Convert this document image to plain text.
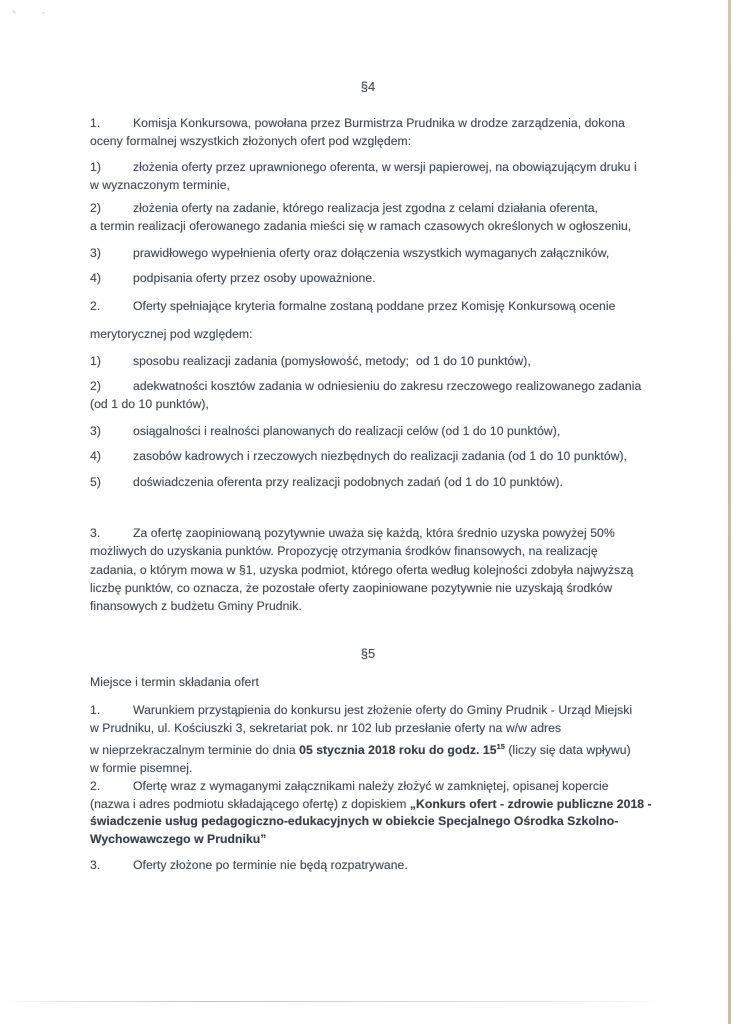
§4
1.	Komisja Konkursowa, powołana przez Burmistrza Prudnika w drodze zarządzenia, dokona
oceny formalnej wszystkich złożonych ofert pod względem:
1)	złożenia oferty przez uprawnionego oferenta, w wersji papierowej, na obowiązującym druku i
w wyznaczonym terminie,
2)	złożenia oferty na zadanie, którego realizacja jest zgodna z celami działania oferenta,
a termin realizacji oferowanego zadania mieści się w ramach czasowych określonych w ogłoszeniu,
3)	prawidłowego wypełnienia oferty oraz dołączenia wszystkich wymaganych załączników,
4)	podpisania oferty przez osoby upoważnione.
2.	Oferty spełniające kryteria formalne zostaną poddane przez Komisję Konkursową ocenie
merytorycznej pod względem:
1)	sposobu realizacji zadania (pomysłowość, metody;  od 1 do 10 punktów),
2)	adekwatności kosztów zadania w odniesieniu do zakresu rzeczowego realizowanego zadania
(od 1 do 10 punktów),
3)	osiągalności i realności planowanych do realizacji celów (od 1 do 10 punktów),
4)	zasobów kadrowych i rzeczowych niezbędnych do realizacji zadania (od 1 do 10 punktów),
5)	doświadczenia oferenta przy realizacji podobnych zadań (od 1 do 10 punktów).
3.	Za ofertę zaopiniowaną pozytywnie uważa się każdą, która średnio uzyska powyżej 50%
możliwych do uzyskania punktów. Propozycję otrzymania środków finansowych, na realizację
zadania, o którym mowa w §1, uzyska podmiot, którego oferta według kolejności zdobyła najwyższą
liczbę punktów, co oznacza, że pozostałe oferty zaopiniowane pozytywnie nie uzyskają środków
finansowych z budżetu Gminy Prudnik.
§5
Miejsce i termin składania ofert
1.	Warunkiem przystąpienia do konkursu jest złożenie oferty do Gminy Prudnik - Urząd Miejski
w Prudniku, ul. Kościuszki 3, sekretariat pok. nr 102 lub przesłanie oferty na w/w adres
w nieprzekraczalnym terminie do dnia 05 stycznia 2018 roku do godz. $15^{15}$ (liczy się data wpływu)
w formie pisemnej.
2.	Ofertę wraz z wymaganymi załącznikami należy złożyć w zamkniętej, opisanej kopercie
(nazwa i adres podmiotu składającego ofertę) z dopiskiem „Konkurs ofert - zdrowie publiczne 2018 -
świadczenie usług pedagogiczno-edukacyjnych w obiekcie Specjalnego Ośrodka Szkolno-
Wychowawczego w Prudniku”
3.	Oferty złożone po terminie nie będą rozpatrywane.
